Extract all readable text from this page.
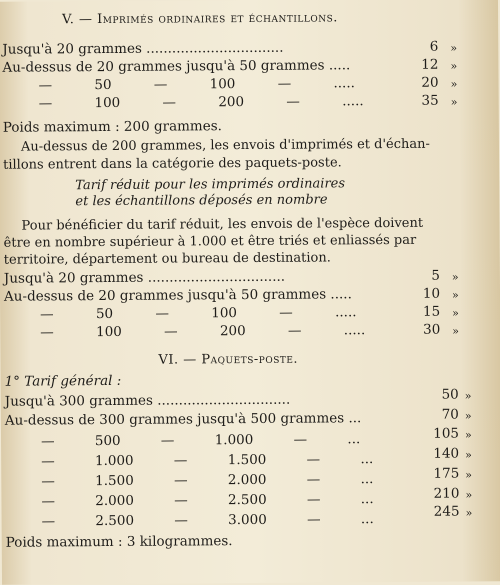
V. — Imprimés ordinaires et échantillons.
Jusqu'à 20 grammes ................................	6 »
Au-dessus de 20 grammes jusqu'à 50 grammes .....	12 »
— 50 — 100 — .....	20 »
— 100 — 200 — .....	35 »
Poids maximum : 200 grammes.
Au-dessus de 200 grammes, les envois d'imprimés et d'échan-
tillons entrent dans la catégorie des paquets-poste.
Tarif réduit pour les imprimés ordinaires
et les échantillons déposés en nombre
Pour bénéficier du tarif réduit, les envois de l'espèce doivent
être en nombre supérieur à 1.000 et être triés et enliassés par
territoire, département ou bureau de destination.
Jusqu'à 20 grammes ................................	5 »
Au-dessus de 20 grammes jusqu'à 50 grammes .....	10 »
— 50 — 100 — .....	15 »
— 100 — 200 — .....	30 »
VI. — Paquets-poste.
1° Tarif général :
Jusqu'à 300 grammes ...............................	50 »
Au-dessus de 300 grammes jusqu'à 500 grammes ...	70 »
— 500 — 1.000 — ...	105 »
— 1.000 — 1.500 — ...	140 »
— 1.500 — 2.000 — ...	175 »
— 2.000 — 2.500 — ...	210 »
— 2.500 — 3.000 — ...	245 »
Poids maximum : 3 kilogrammes.
